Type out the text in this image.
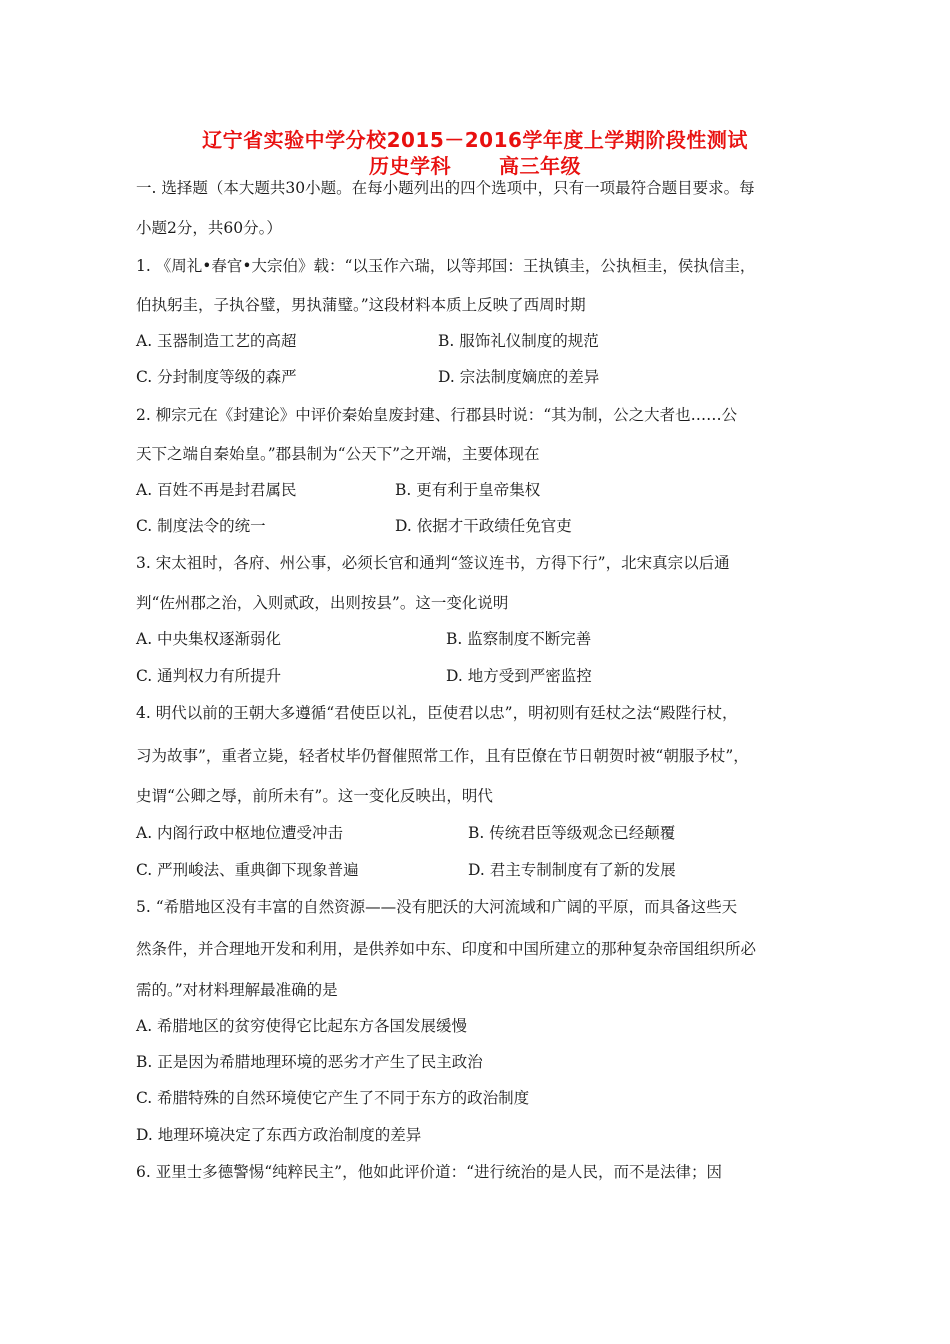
辽宁省实验中学分校2015－2016学年度上学期阶段性测试
历史学科 高三年级
一. 选择题（本大题共30小题。在每小题列出的四个选项中，只有一项最符合题目要求。每
小题2分，共60分。）
1. 《周礼•春官•大宗伯》载：“以玉作六瑞，以等邦国：王执镇圭，公执桓圭，侯执信圭，
伯执躬圭，子执谷璧，男执蒲璧。”这段材料本质上反映了西周时期
A. 玉器制造工艺的高超	B. 服饰礼仪制度的规范
C. 分封制度等级的森严	D. 宗法制度嫡庶的差异
2. 柳宗元在《封建论》中评价秦始皇废封建、行郡县时说：“其为制，公之大者也……公
天下之端自秦始皇。”郡县制为“公天下”之开端，主要体现在
A. 百姓不再是封君属民	B. 更有利于皇帝集权
C. 制度法令的统一	D. 依据才干政绩任免官吏
3. 宋太祖时，各府、州公事，必须长官和通判“签议连书，方得下行”，北宋真宗以后通
判“佐州郡之治，入则贰政，出则按县”。这一变化说明
A. 中央集权逐渐弱化	B. 监察制度不断完善
C. 通判权力有所提升	D. 地方受到严密监控
4. 明代以前的王朝大多遵循“君使臣以礼，臣使君以忠”，明初则有廷杖之法“殿陛行杖，
习为故事”，重者立毙，轻者杖毕仍督催照常工作，且有臣僚在节日朝贺时被“朝服予杖”，
史谓“公卿之辱，前所未有”。这一变化反映出，明代
A. 内阁行政中枢地位遭受冲击	B. 传统君臣等级观念已经颠覆
C. 严刑峻法、重典御下现象普遍	D. 君主专制制度有了新的发展
5. “希腊地区没有丰富的自然资源——没有肥沃的大河流域和广阔的平原，而具备这些天
然条件，并合理地开发和利用，是供养如中东、印度和中国所建立的那种复杂帝国组织所必
需的。”对材料理解最准确的是
A. 希腊地区的贫穷使得它比起东方各国发展缓慢
B. 正是因为希腊地理环境的恶劣才产生了民主政治
C. 希腊特殊的自然环境使它产生了不同于东方的政治制度
D. 地理环境决定了东西方政治制度的差异
6. 亚里士多德警惕“纯粹民主”，他如此评价道：“进行统治的是人民，而不是法律；因
